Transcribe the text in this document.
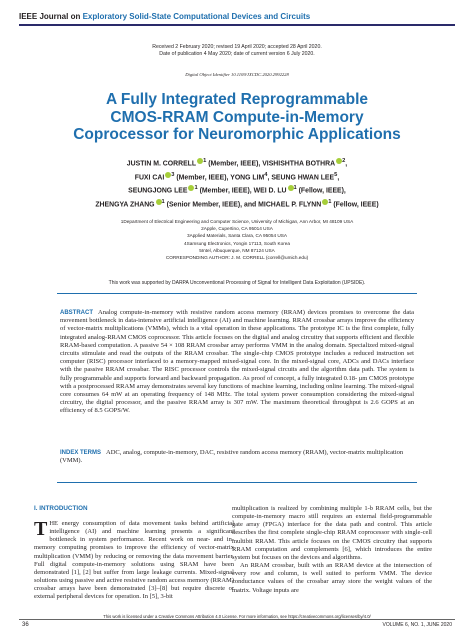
IEEE Journal on Exploratory Solid-State Computational Devices and Circuits
Received 2 February 2020; revised 19 April 2020; accepted 28 April 2020.
Date of publication 4 May 2020; date of current version 6 July 2020.
Digital Object Identifier 10.1109/JXCDC.2020.2992228
A Fully Integrated Reprogrammable
CMOS-RRAM Compute-in-Memory
Coprocessor for Neuromorphic Applications
JUSTIN M. CORRELL $^1$ (Member, IEEE), VISHISHTHA BOTHRA $^2$,
FUXI CAI $^3$ (Member, IEEE), YONG LIM$^4$, SEUNG HWAN LEE$^5$,
SEUNGJONG LEE $^1$ (Member, IEEE), WEI D. LU $^1$ (Fellow, IEEE),
ZHENGYA ZHANG $^1$ (Senior Member, IEEE), and MICHAEL P. FLYNN $^1$ (Fellow, IEEE)
1Department of Electrical Engineering and Computer Science, University of Michigan, Ann Arbor, MI 48109 USA
2Apple, Cupertino, CA 95014 USA
3Applied Materials, Santa Clara, CA 95054 USA
4Samsung Electronics, Yongin 17113, South Korea
5Intel, Albuquerque, NM 87124 USA
CORRESPONDING AUTHOR: J. M. CORRELL (correll@umich.edu)
This work was supported by DARPA Unconventional Processing of Signal for Intelligent Data Exploitation (UPSIDE).

ABSTRACT Analog compute-in-memory with resistive random access memory (RRAM) devices promises to overcome the data movement bottleneck in data-intensive artificial intelligence (AI) and machine learning. RRAM crossbar arrays improve the efficiency of vector-matrix multiplications (VMMs), which is a vital operation in these applications. The prototype IC is the first complete, fully integrated analog-RRAM CMOS coprocessor. This article focuses on the digital and analog circuitry that supports efficient and flexible RRAM-based computation. A passive 54 × 108 RRAM crossbar array performs VMM in the analog domain. Specialized mixed-signal circuits stimulate and read the outputs of the RRAM crossbar. The single-chip CMOS prototype includes a reduced instruction set computer (RISC) processor interfaced to a memory-mapped mixed-signal core. In the mixed-signal core, ADCs and DACs interface with the passive RRAM crossbar. The RISC processor controls the mixed-signal circuits and the algorithm data path. The system is fully programmable and supports forward and backward propagation. As proof of concept, a fully integrated 0.18- μm CMOS prototype with a postprocessed RRAM array demonstrates several key functions of machine learning, including online learning. The mixed-signal core consumes 64 mW at an operating frequency of 148 MHz. The total system power consumption considering the mixed-signal circuitry, the digital processor, and the passive RRAM array is 307 mW. The maximum theoretical throughput is 2.6 GOPS at an efficiency of 8.5 GOPS/W.

INDEX TERMS ADC, analog, compute-in-memory, DAC, resistive random access memory (RRAM), vector-matrix multiplication (VMM).

I. INTRODUCTION
THE energy consumption of data movement tasks behind artificial intelligence (AI) and machine learning presents a significant bottleneck in system performance. Recent work on near- and in-memory computing promises to improve the efficiency of vector-matrix multiplication (VMM) by reducing or removing the data movement barrier. Full digital compute-in-memory solutions using SRAM have been demonstrated [1], [2] but suffer from large leakage currents. Mixed-signal solutions using passive and active resistive random access memory (RRAM) crossbar arrays have been demonstrated [3]–[8] but require discrete or external peripheral devices for operation. In [5], 3-bit
multiplication is realized by combining multiple 1-b RRAM cells, but the compute-in-memory macro still requires an external field-programmable gate array (FPGA) interface for the data path and control. This article describes the first complete single-chip RRAM coprocessor with single-cell multibit RRAM. This article focuses on the CMOS circuitry that supports RRAM computation and complements [6], which introduces the entire system but focuses on the devices and algorithms.
An RRAM crossbar, built with an RRAM device at the intersection of every row and column, is well suited to perform VMM. The device conductance values of the crossbar array store the weight values of the matrix. Voltage inputs are
This work is licensed under a Creative Commons Attribution 4.0 License. For more information, see https://creativecommons.org/licenses/by/4.0/
36	VOLUME 6, NO. 1, JUNE 2020
